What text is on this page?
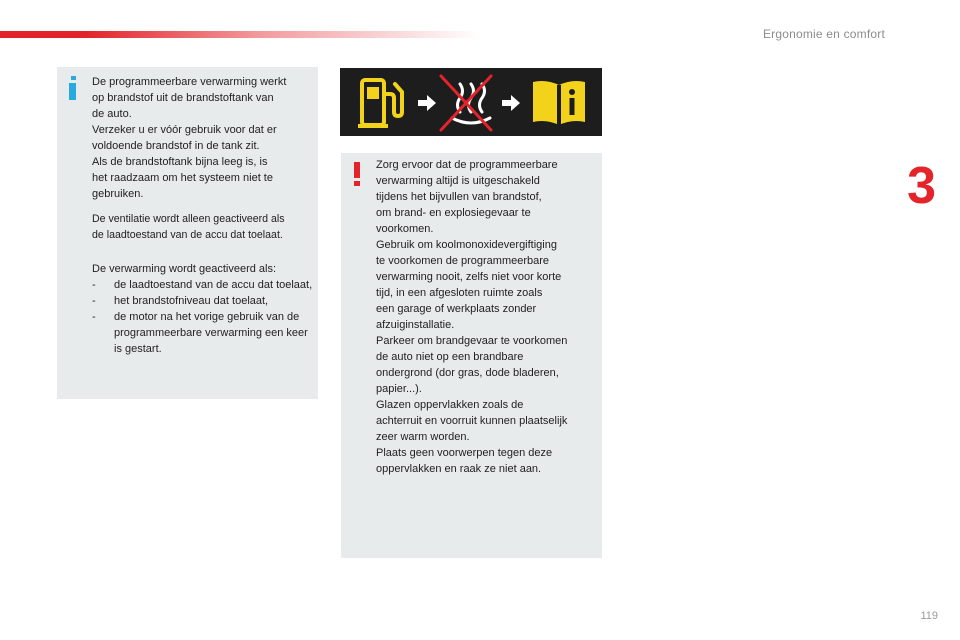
Ergonomie en comfort
3

De programmeerbare verwarming werkt
op brandstof uit de brandstoftank van
de auto.
Verzeker u er vóór gebruik voor dat er
voldoende brandstof in de tank zit.
Als de brandstoftank bijna leeg is, is
het raadzaam om het systeem niet te
gebruiken.

De ventilatie wordt alleen geactiveerd als
de laadtoestand van de accu dat toelaat.

De verwarming wordt geactiveerd als:

- de laadtoestand van de accu dat toelaat,
- het brandstofniveau dat toelaat,
- de motor na het vorige gebruik van de programmeerbare verwarming een keer is gestart.

Zorg ervoor dat de programmeerbare
verwarming altijd is uitgeschakeld
tijdens het bijvullen van brandstof,
om brand- en explosiegevaar te
voorkomen.
Gebruik om koolmonoxidevergiftiging
te voorkomen de programmeerbare
verwarming nooit, zelfs niet voor korte
tijd, in een afgesloten ruimte zoals
een garage of werkplaats zonder
afzuiginstallatie.
Parkeer om brandgevaar te voorkomen
de auto niet op een brandbare
ondergrond (dor gras, dode bladeren,
papier...).
Glazen oppervlakken zoals de
achterruit en voorruit kunnen plaatselijk
zeer warm worden.
Plaats geen voorwerpen tegen deze
oppervlakken en raak ze niet aan.

119
